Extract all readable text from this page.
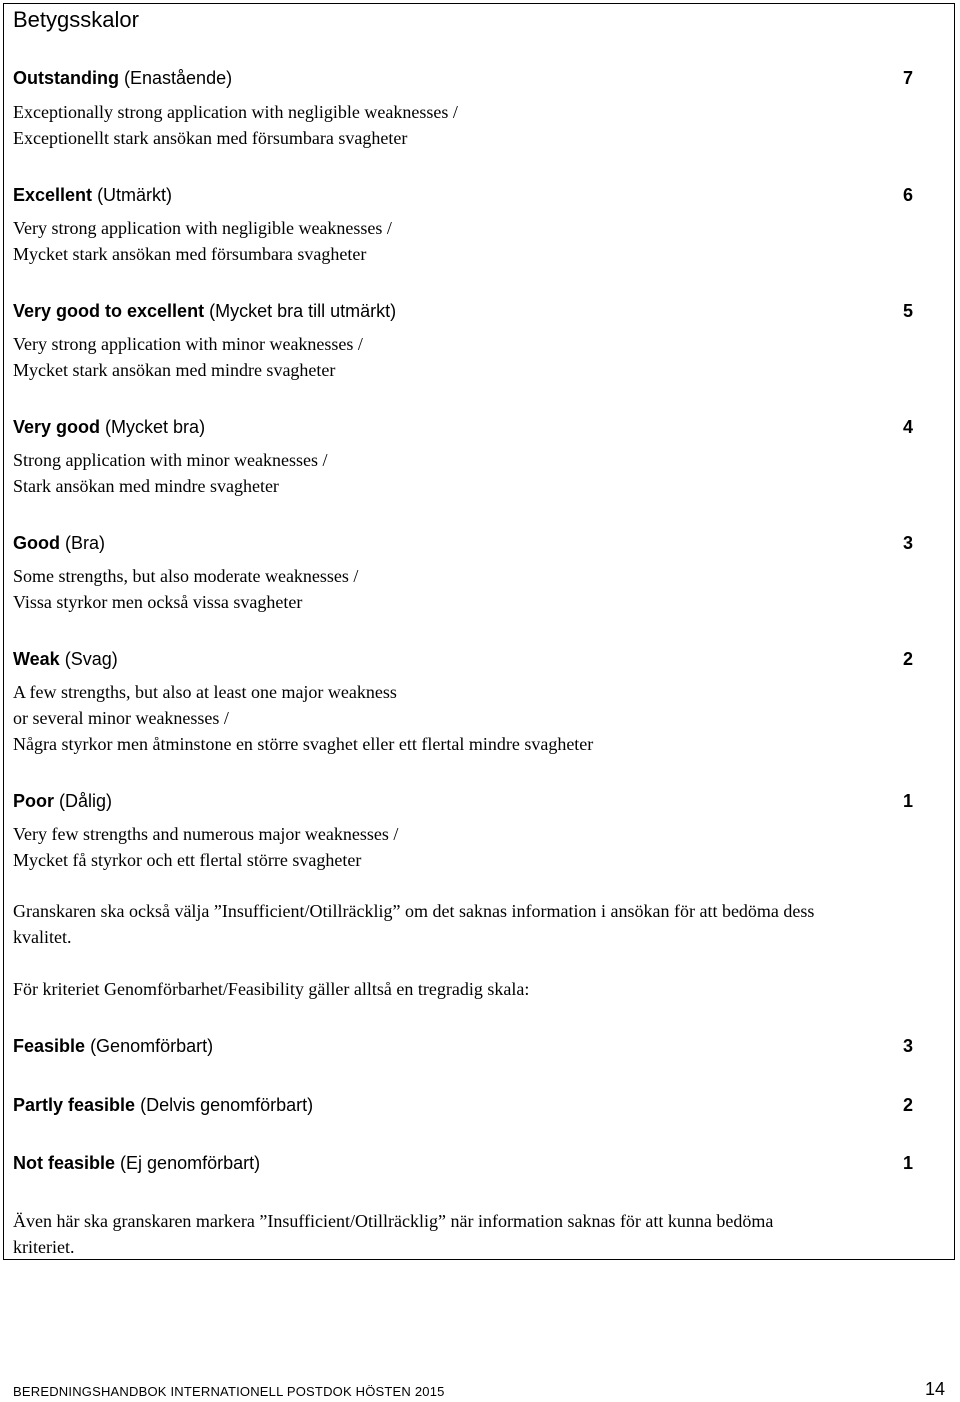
Betygsskalor
Outstanding (Enastående)	7
Exceptionally strong application with negligible weaknesses /
Exceptionellt stark ansökan med försumbara svagheter
Excellent (Utmärkt)	6
Very strong application with negligible weaknesses /
Mycket stark ansökan med försumbara svagheter
Very good to excellent (Mycket bra till utmärkt)	5
Very strong application with minor weaknesses /
Mycket stark ansökan med mindre svagheter
Very good (Mycket bra)	4
Strong application with minor weaknesses /
Stark ansökan med mindre svagheter
Good (Bra)	3
Some strengths, but also moderate weaknesses /
Vissa styrkor men också vissa svagheter
Weak (Svag)	2
A few strengths, but also at least one major weakness
or several minor weaknesses /
Några styrkor men åtminstone en större svaghet eller ett flertal mindre svagheter
Poor (Dålig)	1
Very few strengths and numerous major weaknesses /
Mycket få styrkor och ett flertal större svagheter
Granskaren ska också välja ”Insufficient/Otillräcklig” om det saknas information i ansökan för att bedöma dess
kvalitet.
För kriteriet Genomförbarhet/Feasibility gäller alltså en tregradig skala:
Feasible (Genomförbart)	3
Partly feasible (Delvis genomförbart)	2
Not feasible (Ej genomförbart)	1
Även här ska granskaren markera ”Insufficient/Otillräcklig” när information saknas för att kunna bedöma
kriteriet.
BEREDNINGSHANDBOK INTERNATIONELL POSTDOK HÖSTEN 2015	14
